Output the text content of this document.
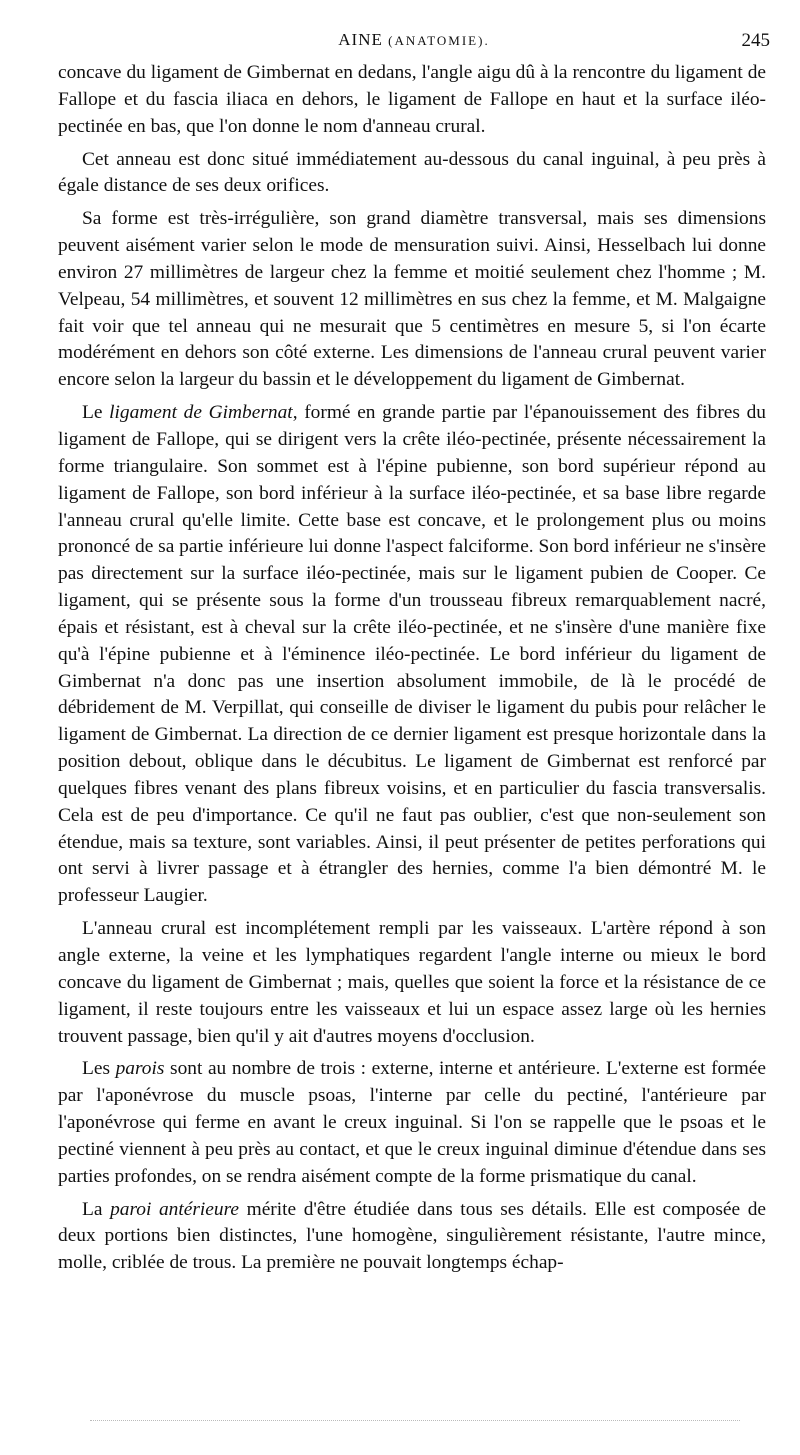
AINE (ANATOMIE).	245

concave du ligament de Gimbernat en dedans, l'angle aigu dû à la rencontre du ligament de Fallope et du fascia iliaca en dehors, le ligament de Fallope en haut et la surface iléo-pectinée en bas, que l'on donne le nom d'anneau crural.

Cet anneau est donc situé immédiatement au-dessous du canal inguinal, à peu près à égale distance de ses deux orifices.

Sa forme est très-irrégulière, son grand diamètre transversal, mais ses dimensions peuvent aisément varier selon le mode de mensuration suivi. Ainsi, Hesselbach lui donne environ 27 millimètres de largeur chez la femme et moitié seulement chez l'homme ; M. Velpeau, 54 millimètres, et souvent 12 millimètres en sus chez la femme, et M. Malgaigne fait voir que tel anneau qui ne mesurait que 5 centimètres en mesure 5, si l'on écarte modérément en dehors son côté externe. Les dimensions de l'anneau crural peuvent varier encore selon la largeur du bassin et le développement du ligament de Gimbernat.

Le ligament de Gimbernat, formé en grande partie par l'épanouissement des fibres du ligament de Fallope, qui se dirigent vers la crête iléo-pectinée, présente nécessairement la forme triangulaire. Son sommet est à l'épine pubienne, son bord supérieur répond au ligament de Fallope, son bord inférieur à la surface iléo-pectinée, et sa base libre regarde l'anneau crural qu'elle limite. Cette base est concave, et le prolongement plus ou moins prononcé de sa partie inférieure lui donne l'aspect falciforme. Son bord inférieur ne s'insère pas directement sur la surface iléo-pectinée, mais sur le ligament pubien de Cooper. Ce ligament, qui se présente sous la forme d'un trousseau fibreux remarquablement nacré, épais et résistant, est à cheval sur la crête iléo-pectinée, et ne s'insère d'une manière fixe qu'à l'épine pubienne et à l'éminence iléo-pectinée. Le bord inférieur du ligament de Gimbernat n'a donc pas une insertion absolument immobile, de là le procédé de débridement de M. Verpillat, qui conseille de diviser le ligament du pubis pour relâcher le ligament de Gimbernat. La direction de ce dernier ligament est presque horizontale dans la position debout, oblique dans le décubitus. Le ligament de Gimbernat est renforcé par quelques fibres venant des plans fibreux voisins, et en particulier du fascia transversalis. Cela est de peu d'importance. Ce qu'il ne faut pas oublier, c'est que non-seulement son étendue, mais sa texture, sont variables. Ainsi, il peut présenter de petites perforations qui ont servi à livrer passage et à étrangler des hernies, comme l'a bien démontré M. le professeur Laugier.

L'anneau crural est incomplétement rempli par les vaisseaux. L'artère répond à son angle externe, la veine et les lymphatiques regardent l'angle interne ou mieux le bord concave du ligament de Gimbernat ; mais, quelles que soient la force et la résistance de ce ligament, il reste toujours entre les vaisseaux et lui un espace assez large où les hernies trouvent passage, bien qu'il y ait d'autres moyens d'occlusion.

Les parois sont au nombre de trois : externe, interne et antérieure. L'externe est formée par l'aponévrose du muscle psoas, l'interne par celle du pectiné, l'antérieure par l'aponévrose qui ferme en avant le creux inguinal. Si l'on se rappelle que le psoas et le pectiné viennent à peu près au contact, et que le creux inguinal diminue d'étendue dans ses parties profondes, on se rendra aisément compte de la forme prismatique du canal.

La paroi antérieure mérite d'être étudiée dans tous ses détails. Elle est composée de deux portions bien distinctes, l'une homogène, singulièrement résistante, l'autre mince, molle, criblée de trous. La première ne pouvait longtemps échap-
